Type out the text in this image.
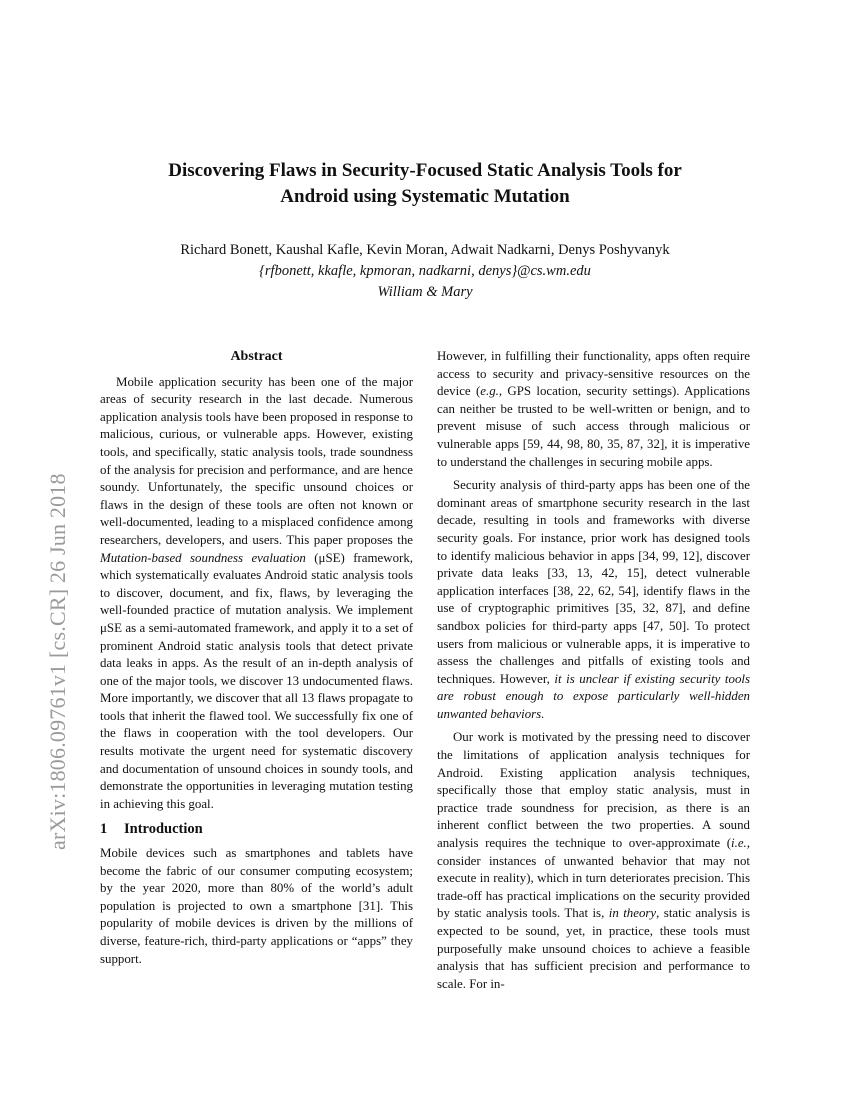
arXiv:1806.09761v1 [cs.CR] 26 Jun 2018
Discovering Flaws in Security-Focused Static Analysis Tools for
Android using Systematic Mutation
Richard Bonett, Kaushal Kafle, Kevin Moran, Adwait Nadkarni, Denys Poshyvanyk
{rfbonett, kkafle, kpmoran, nadkarni, denys}@cs.wm.edu
William & Mary
Abstract

Mobile application security has been one of the major areas of security research in the last decade. Numerous application analysis tools have been proposed in response to malicious, curious, or vulnerable apps. However, existing tools, and specifically, static analysis tools, trade soundness of the analysis for precision and performance, and are hence soundy. Unfortunately, the specific unsound choices or flaws in the design of these tools are often not known or well-documented, leading to a misplaced confidence among researchers, developers, and users. This paper proposes the Mutation-based soundness evaluation (μSE) framework, which systematically evaluates Android static analysis tools to discover, document, and fix, flaws, by leveraging the well-founded practice of mutation analysis. We implement μSE as a semi-automated framework, and apply it to a set of prominent Android static analysis tools that detect private data leaks in apps. As the result of an in-depth analysis of one of the major tools, we discover 13 undocumented flaws. More importantly, we discover that all 13 flaws propagate to tools that inherit the flawed tool. We successfully fix one of the flaws in cooperation with the tool developers. Our results motivate the urgent need for systematic discovery and documentation of unsound choices in soundy tools, and demonstrate the opportunities in leveraging mutation testing in achieving this goal.

1 Introduction

Mobile devices such as smartphones and tablets have become the fabric of our consumer computing ecosystem; by the year 2020, more than 80% of the world’s adult population is projected to own a smartphone [31]. This popularity of mobile devices is driven by the millions of diverse, feature-rich, third-party applications or “apps” they support.

However, in fulfilling their functionality, apps often require access to security and privacy-sensitive resources on the device (e.g., GPS location, security settings). Applications can neither be trusted to be well-written or benign, and to prevent misuse of such access through malicious or vulnerable apps [59, 44, 98, 80, 35, 87, 32], it is imperative to understand the challenges in securing mobile apps.

Security analysis of third-party apps has been one of the dominant areas of smartphone security research in the last decade, resulting in tools and frameworks with diverse security goals. For instance, prior work has designed tools to identify malicious behavior in apps [34, 99, 12], discover private data leaks [33, 13, 42, 15], detect vulnerable application interfaces [38, 22, 62, 54], identify flaws in the use of cryptographic primitives [35, 32, 87], and define sandbox policies for third-party apps [47, 50]. To protect users from malicious or vulnerable apps, it is imperative to assess the challenges and pitfalls of existing tools and techniques. However, it is unclear if existing security tools are robust enough to expose particularly well-hidden unwanted behaviors.

Our work is motivated by the pressing need to discover the limitations of application analysis techniques for Android. Existing application analysis techniques, specifically those that employ static analysis, must in practice trade soundness for precision, as there is an inherent conflict between the two properties. A sound analysis requires the technique to over-approximate (i.e., consider instances of unwanted behavior that may not execute in reality), which in turn deteriorates precision. This trade-off has practical implications on the security provided by static analysis tools. That is, in theory, static analysis is expected to be sound, yet, in practice, these tools must purposefully make unsound choices to achieve a feasible analysis that has sufficient precision and performance to scale. For in-
